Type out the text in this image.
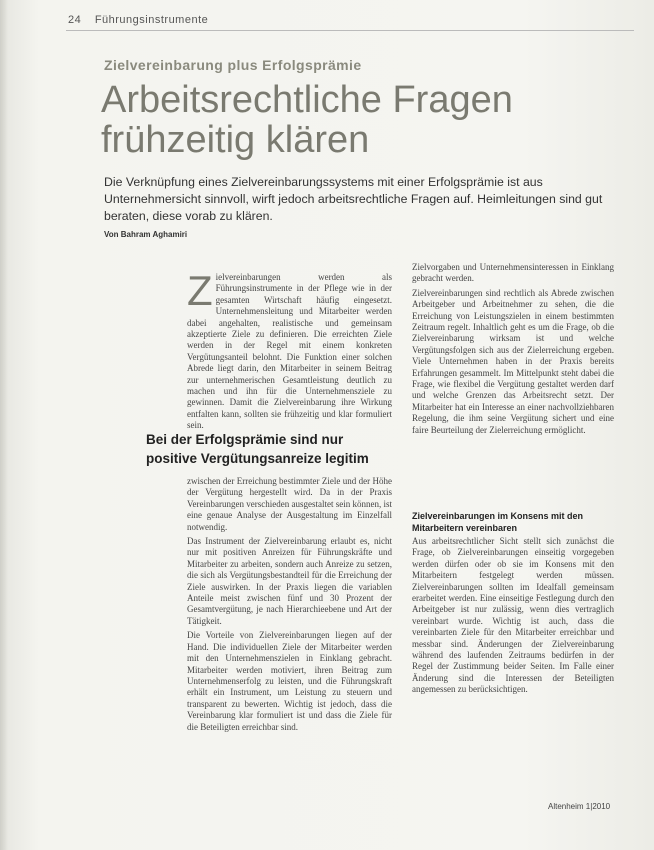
24 Führungsinstrumente
Zielvereinbarung plus Erfolgsprämie
Arbeitsrechtliche Fragen
frühzeitig klären
Die Verknüpfung eines Zielvereinbarungssystems mit einer Erfolgsprämie ist aus Unternehmersicht sinnvoll, wirft jedoch arbeitsrechtliche Fragen auf. Heimleitungen sind gut beraten, diese vorab zu klären.
Von Bahram Aghamiri
Z ielvereinbarungen werden als Führungsinstrumente in der Pflege wie in der gesamten Wirtschaft häufig eingesetzt. Unternehmensleitung und Mitarbeiter werden dabei angehalten, realistische und gemeinsam akzeptierte Ziele zu definieren. Die erreichten Ziele werden in der Regel mit einem konkreten Vergütungsanteil belohnt. Die Funktion einer solchen Abrede liegt darin, den Mitarbeiter in seinem Beitrag zur unternehmerischen Gesamtleistung deutlich zu machen und ihn für die Unternehmensziele zu gewinnen. Damit die Zielvereinbarung ihre Wirkung entfalten kann, sollten sie frühzeitig und klar formuliert sein.
Bei der Erfolgsprämie sind nur positive Vergütungsanreize legitim

zwischen der Erreichung bestimmter Ziele und der Höhe der Vergütung hergestellt wird. Da in der Praxis Vereinbarungen verschieden ausgestaltet sein können, ist eine genaue Analyse der Ausgestaltung im Einzelfall notwendig.

Das Instrument der Zielvereinbarung erlaubt es, nicht nur mit positiven Anreizen für Führungskräfte und Mitarbeiter zu arbeiten, sondern auch Anreize zu setzen, die sich als Vergütungsbestandteil für die Erreichung der Ziele auswirken. In der Praxis liegen die variablen Anteile meist zwischen fünf und 30 Prozent der Gesamtvergütung, je nach Hierarchieebene und Art der Tätigkeit.

Die Vorteile von Zielvereinbarungen liegen auf der Hand. Die individuellen Ziele der Mitarbeiter werden mit den Unternehmenszielen in Einklang gebracht. Mitarbeiter werden motiviert, ihren Beitrag zum Unternehmenserfolg zu leisten, und die Führungskraft erhält ein Instrument, um Leistung zu steuern und transparent zu bewerten. Wichtig ist jedoch, dass die Vereinbarung klar formuliert ist und dass die Ziele für die Beteiligten erreichbar sind.

Zielvorgaben und Unternehmensinteressen in Einklang gebracht werden.

Zielvereinbarungen sind rechtlich als Abrede zwischen Arbeitgeber und Arbeitnehmer zu sehen, die die Erreichung von Leistungszielen in einem bestimmten Zeitraum regelt. Inhaltlich geht es um die Frage, ob die Zielvereinbarung wirksam ist und welche Vergütungsfolgen sich aus der Zielerreichung ergeben. Viele Unternehmen haben in der Praxis bereits Erfahrungen gesammelt. Im Mittelpunkt steht dabei die Frage, wie flexibel die Vergütung gestaltet werden darf und welche Grenzen das Arbeitsrecht setzt. Der Mitarbeiter hat ein Interesse an einer nachvollziehbaren Regelung, die ihm seine Vergütung sichert und eine faire Beurteilung der Zielerreichung ermöglicht.

Zielvereinbarungen im Konsens mit den Mitarbeitern vereinbaren

Aus arbeitsrechtlicher Sicht stellt sich zunächst die Frage, ob Zielvereinbarungen einseitig vorgegeben werden dürfen oder ob sie im Konsens mit den Mitarbeitern festgelegt werden müssen. Zielvereinbarungen sollten im Idealfall gemeinsam erarbeitet werden. Eine einseitige Festlegung durch den Arbeitgeber ist nur zulässig, wenn dies vertraglich vereinbart wurde. Wichtig ist auch, dass die vereinbarten Ziele für den Mitarbeiter erreichbar und messbar sind. Änderungen der Zielvereinbarung während des laufenden Zeitraums bedürfen in der Regel der Zustimmung beider Seiten. Im Falle einer Änderung sind die Interessen der Beteiligten angemessen zu berücksichtigen.

Altenheim 1|2010
